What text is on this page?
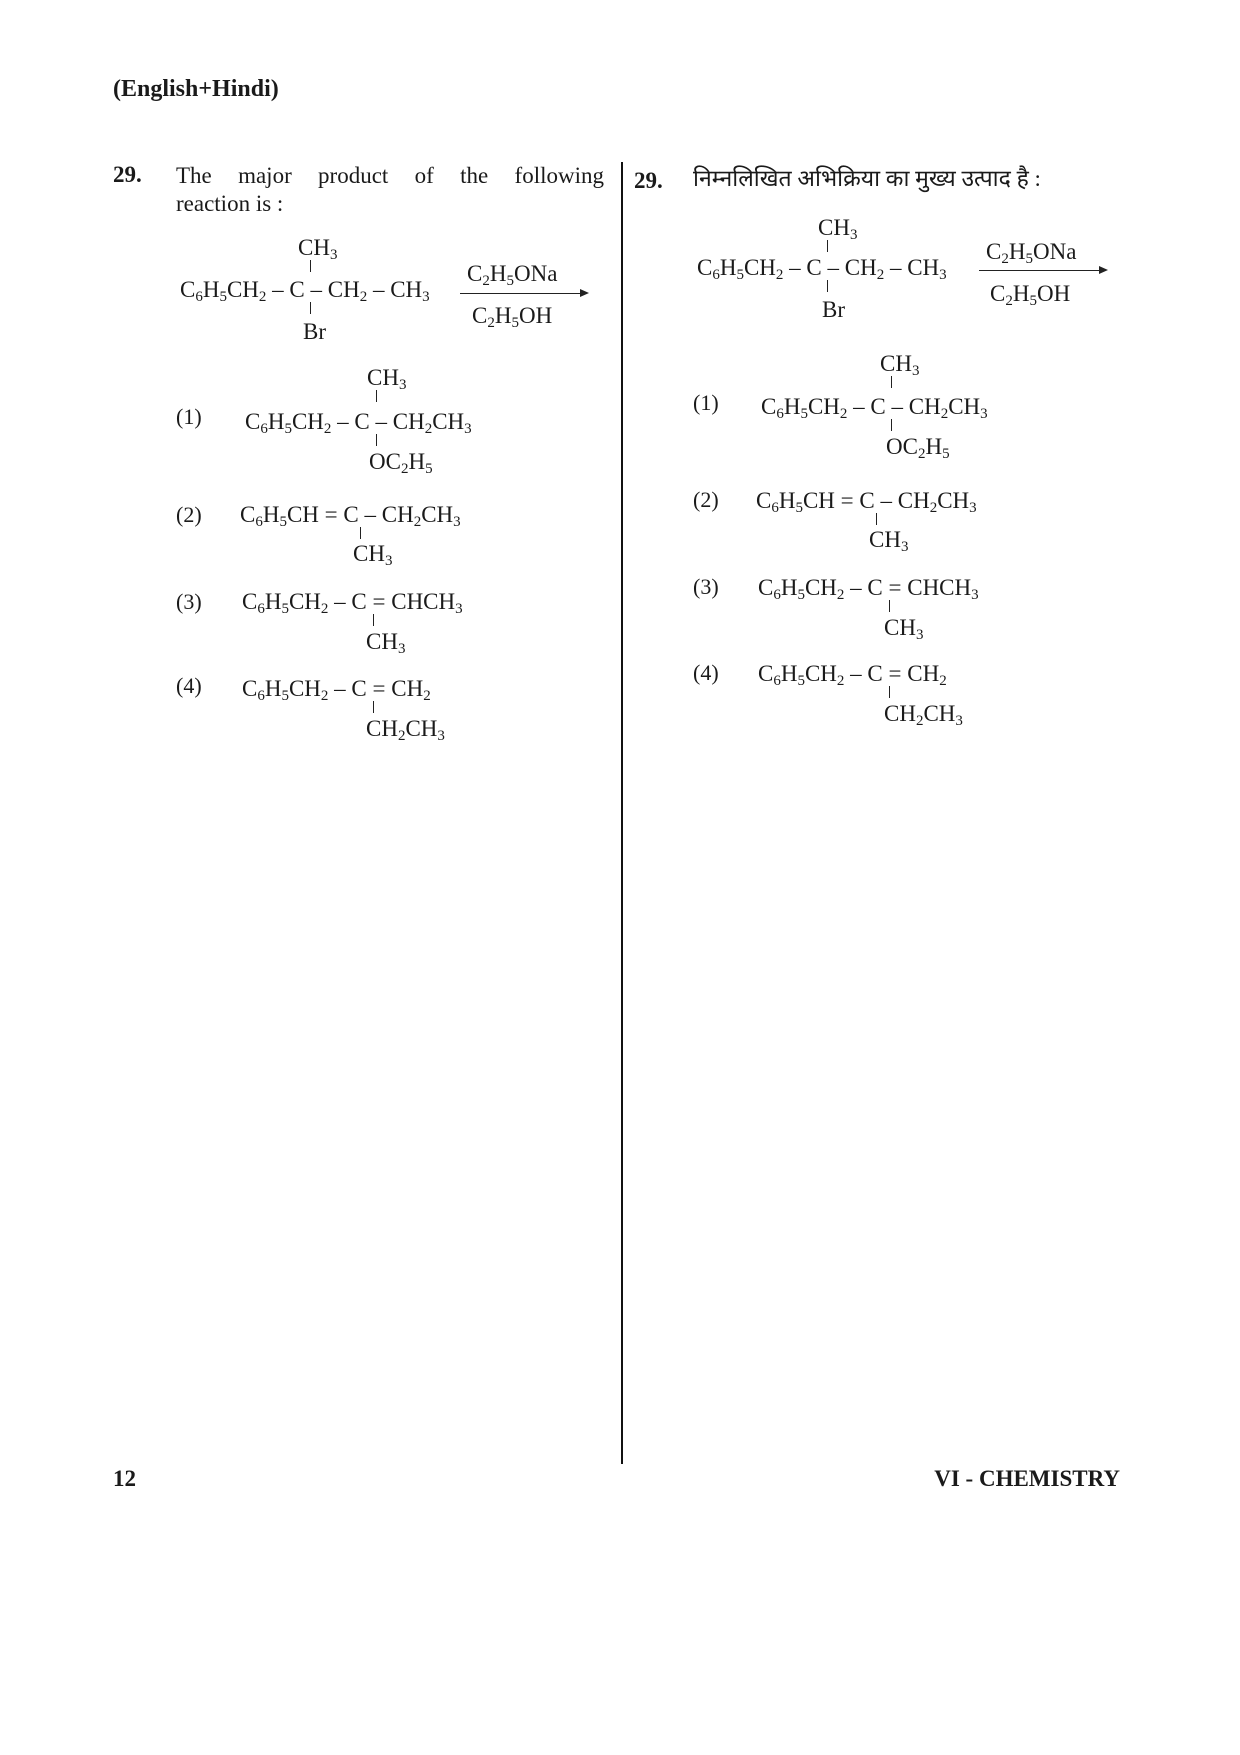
(English+Hindi)
29. The major product of the following
reaction is :
$CH_3$
$C_6H_5CH_2$ – C – $CH_2 - CH_3$
Br
$C_2H_5ONa$
$C_2H_5OH$
(1)
$CH_3$
$C_6H_5CH_2$ – C – $CH_2CH_3$
$OC_2H_5$
(2) $C_6H_5CH = C - CH_2CH_3$
$CH_3$
(3) $C_6H_5CH_2$ – $C = CHCH_3$
$CH_3$
(4) $C_6H_5CH_2 - C = CH_2$
$CH_2CH_3$
29. निम्नलिखित अभिक्रिया का मुख्य उत्पाद है :
$CH_3$
$C_6H_5CH_2$ – C – $CH_2 - CH_3$
Br
$C_2H_5ONa$
$C_2H_5OH$
(1)
$CH_3$
$C_6H_5CH_2$ – C – $CH_2CH_3$
$OC_2H_5$
(2) $C_6H_5CH = C - CH_2CH_3$
$CH_3$
(3) $C_6H_5CH_2$ – $C = CHCH_3$
$CH_3$
(4) $C_6H_5CH_2 - C = CH_2$
$CH_2CH_3$
12	VI - CHEMISTRY
